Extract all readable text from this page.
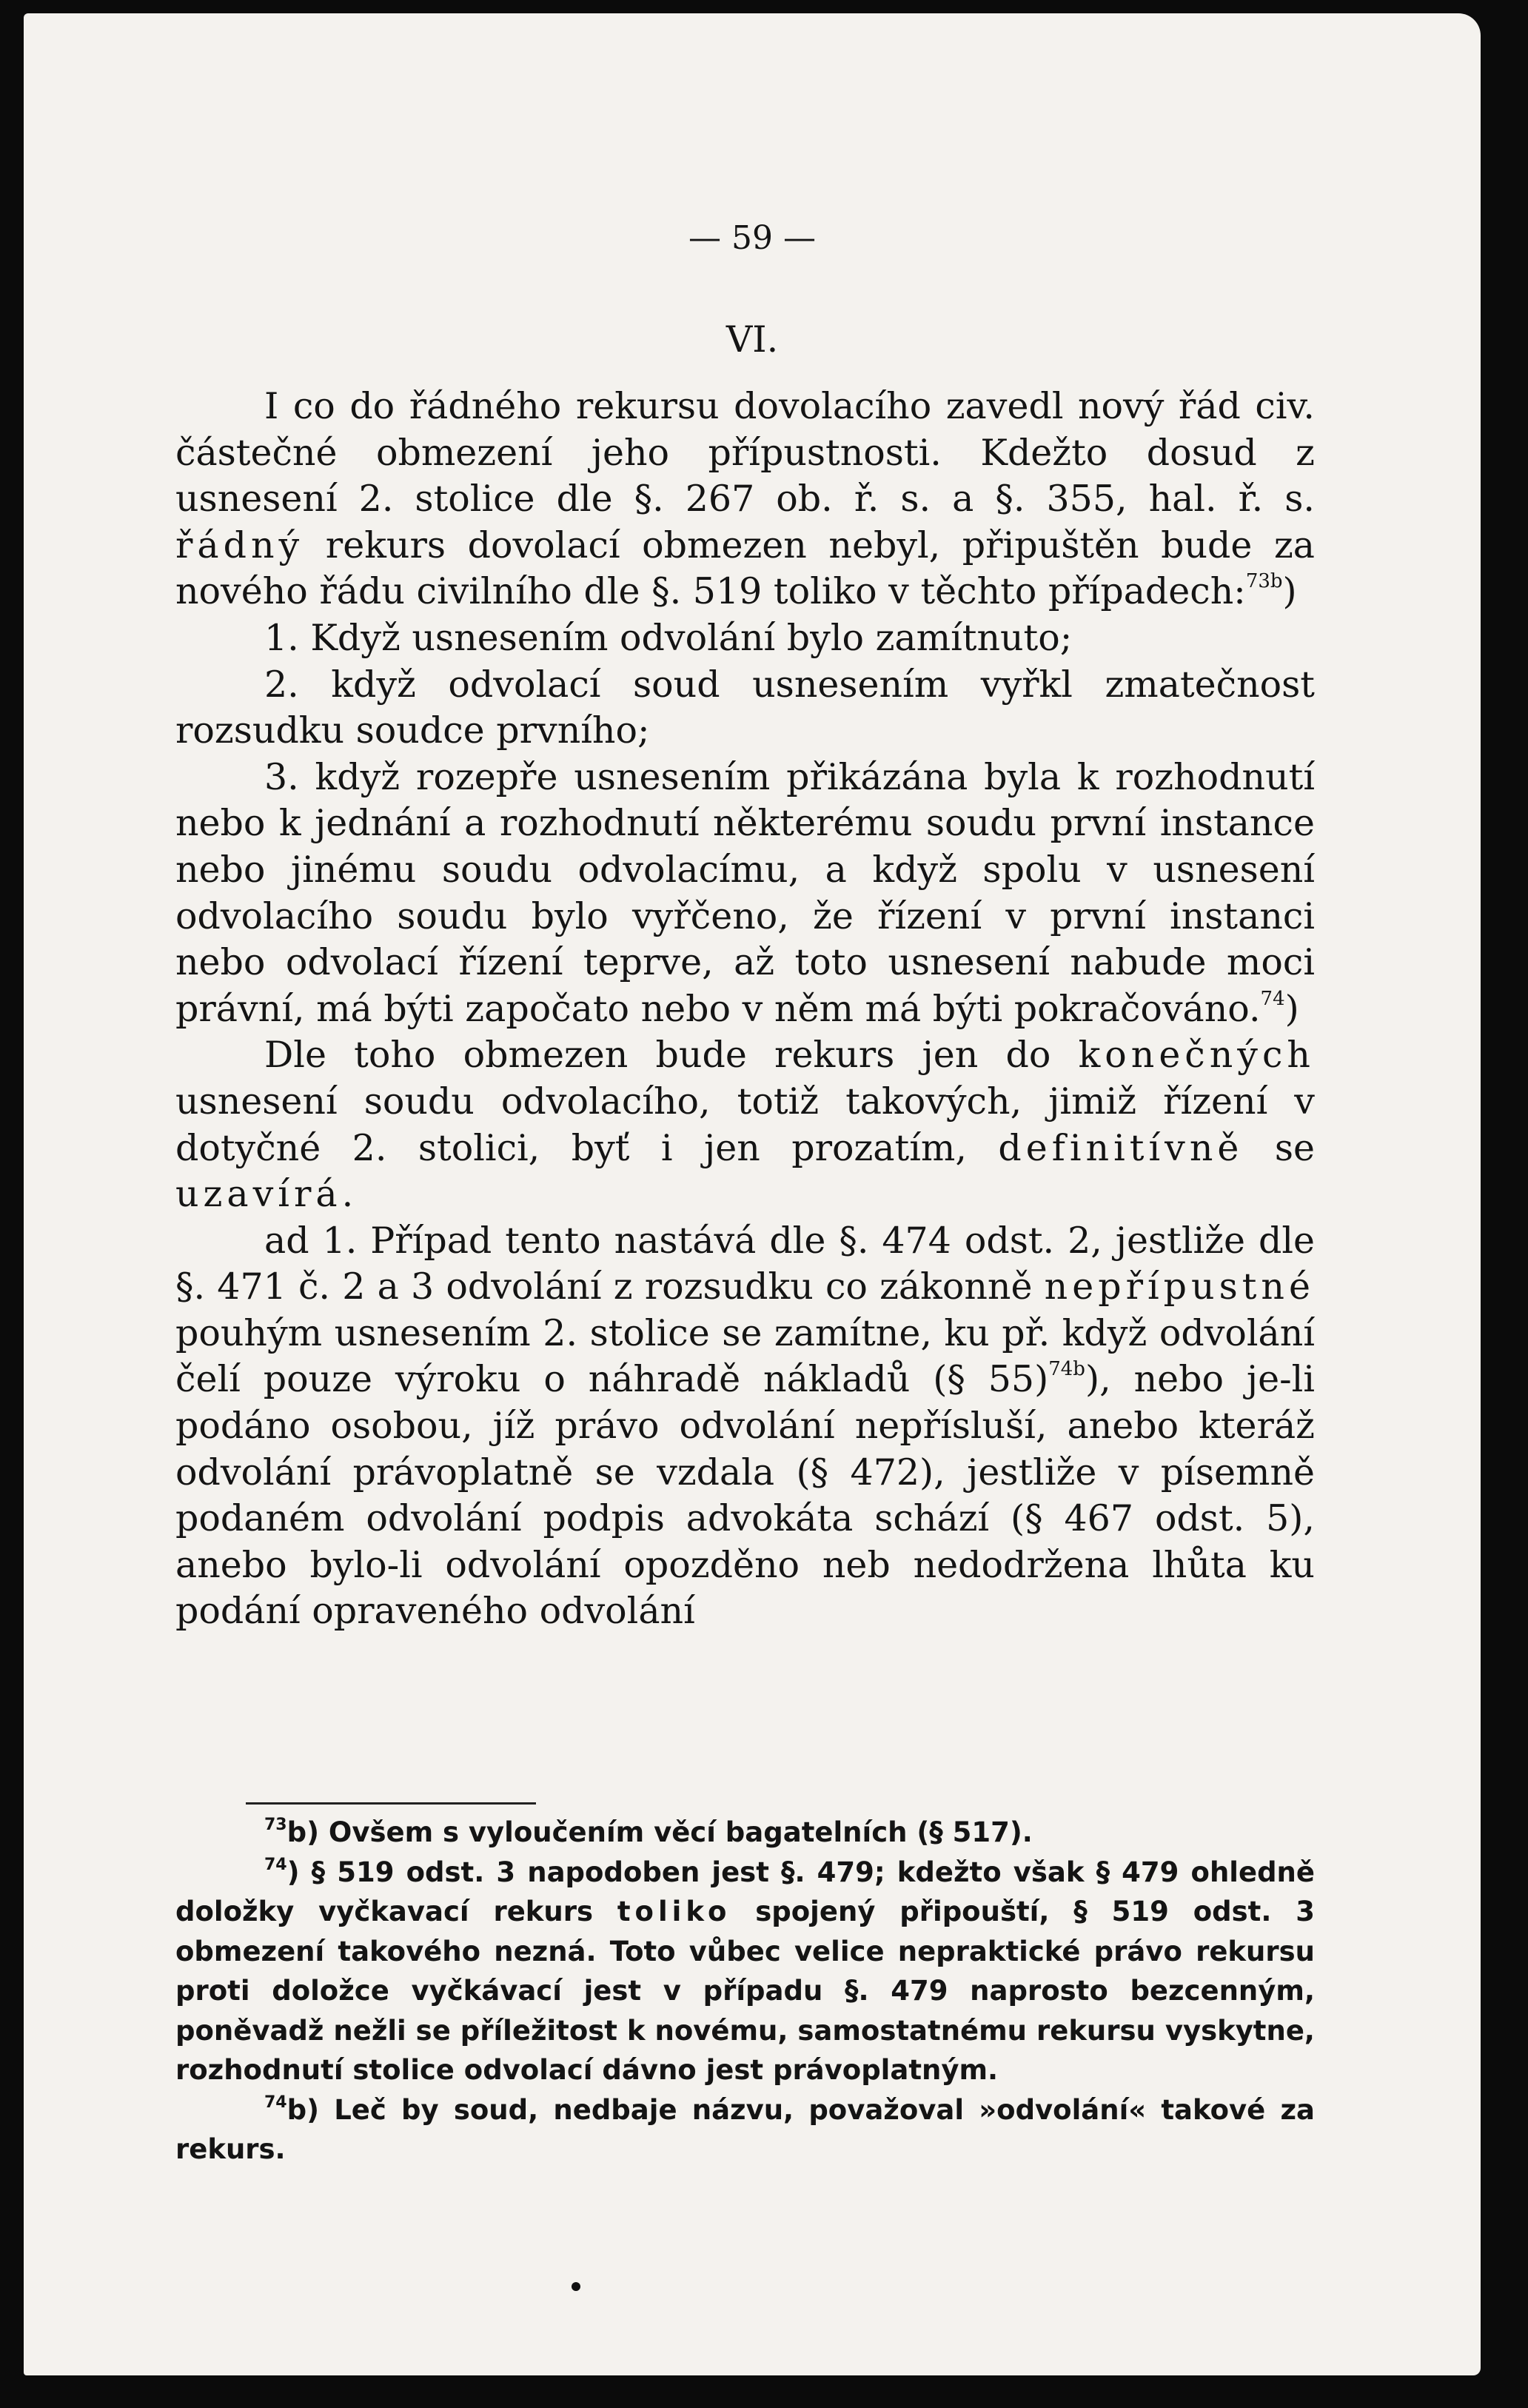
— 59 —
VI.

I co do řádného rekursu dovolacího zavedl nový řád civ. částečné obmezení jeho přípustnosti. Kdežto dosud z usnesení 2. stolice dle §. 267 ob. ř. s. a §. 355, hal. ř. s. řádný rekurs dovolací obmezen nebyl, připuštěn bude za nového řádu civilního dle §. 519 toliko v těchto případech:$^{73b}$)

1. Když usnesením odvolání bylo zamítnuto;

2. když odvolací soud usnesením vyřkl zmatečnost rozsudku soudce prvního;

3. když rozepře usnesením přikázána byla k rozhodnutí nebo k jednání a rozhodnutí některému soudu první instance nebo jinému soudu odvolacímu, a když spolu v usnesení odvolacího soudu bylo vyřčeno, že řízení v první instanci nebo odvolací řízení teprve, až toto usnesení nabude moci právní, má býti započato nebo v něm má býti pokračováno.$^{74}$)

Dle toho obmezen bude rekurs jen do konečných usnesení soudu odvolacího, totiž takových, jimiž řízení v dotyčné 2. stolici, byť i jen prozatím, definitívně se uzavírá.

ad 1. Případ tento nastává dle §. 474 odst. 2, jestliže dle §. 471 č. 2 a 3 odvolání z rozsudku co zákonně nepřípustné pouhým usnesením 2. stolice se zamítne, ku př. když odvolání čelí pouze výroku o náhradě nákladů (§ 55)$^{74b}$), nebo je-li podáno osobou, jíž právo odvolání nepřísluší, anebo kteráž odvolání právoplatně se vzdala (§ 472), jestliže v písemně podaném odvolání podpis advokáta schází (§ 467 odst. 5), anebo bylo-li odvolání opozděno neb nedodržena lhůta ku podání opraveného odvolání

$^{73}$b) Ovšem s vyloučením věcí bagatelních (§ 517).

$^{74}$) § 519 odst. 3 napodoben jest §. 479; kdežto však § 479 ohledně doložky vyčkavací rekurs toliko spojený připouští, § 519 odst. 3 obmezení takového nezná. Toto vůbec velice nepraktické právo rekursu proti doložce vyčkávací jest v případu §. 479 naprosto bezcenným, poněvadž nežli se příležitost k novému, samostatnému rekursu vyskytne, rozhodnutí stolice odvolací dávno jest právoplatným.

$^{74}$b) Leč by soud, nedbaje názvu, považoval »odvolání« takové za rekurs.
